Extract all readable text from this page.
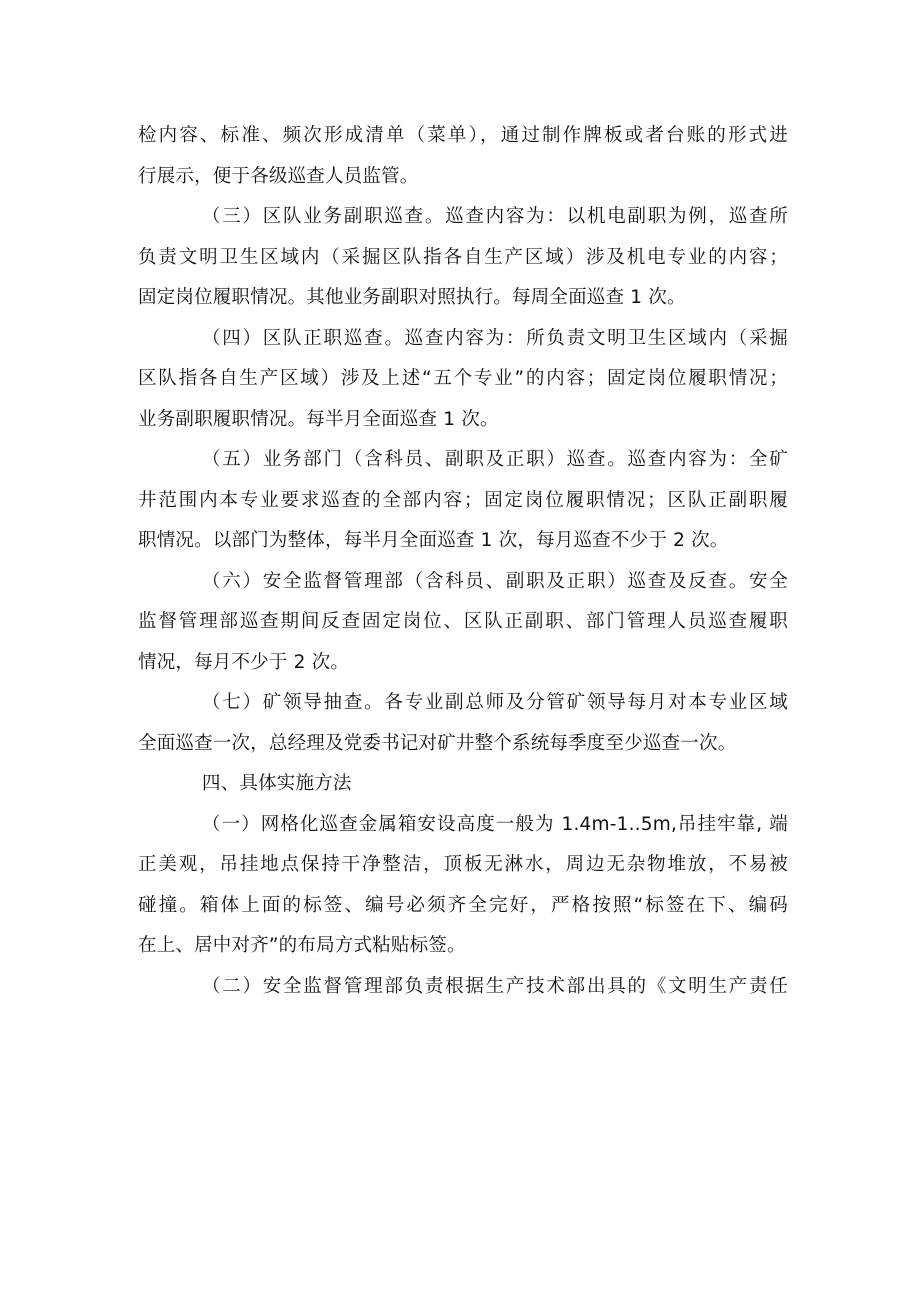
检内容、标准、频次形成清单（菜单），通过制作牌板或者台账的形式进
行展示，便于各级巡查人员监管。

（三）区队业务副职巡查。巡查内容为：以机电副职为例，巡查所
负责文明卫生区域内（采掘区队指各自生产区域）涉及机电专业的内容；
固定岗位履职情况。其他业务副职对照执行。每周全面巡查 1 次。

（四）区队正职巡查。巡查内容为：所负责文明卫生区域内（采掘
区队指各自生产区域）涉及上述“五个专业”的内容；固定岗位履职情况；
业务副职履职情况。每半月全面巡查 1 次。

（五）业务部门（含科员、副职及正职）巡查。巡查内容为：全矿
井范围内本专业要求巡查的全部内容；固定岗位履职情况；区队正副职履
职情况。以部门为整体，每半月全面巡查 1 次，每月巡查不少于 2 次。

（六）安全监督管理部（含科员、副职及正职）巡查及反查。安全
监督管理部巡查期间反查固定岗位、区队正副职、部门管理人员巡查履职
情况，每月不少于 2 次。

（七）矿领导抽查。各专业副总师及分管矿领导每月对本专业区域
全面巡查一次，总经理及党委书记对矿井整个系统每季度至少巡查一次。

四、具体实施方法

（一）网格化巡查金属箱安设高度一般为 1.4m-1..5m,吊挂牢靠, 端
正美观，吊挂地点保持干净整洁，顶板无淋水，周边无杂物堆放，不易被
碰撞。箱体上面的标签、编号必须齐全完好，严格按照“标签在下、编码
在上、居中对齐”的布局方式粘贴标签。

（二）安全监督管理部负责根据生产技术部出具的《文明生产责任
